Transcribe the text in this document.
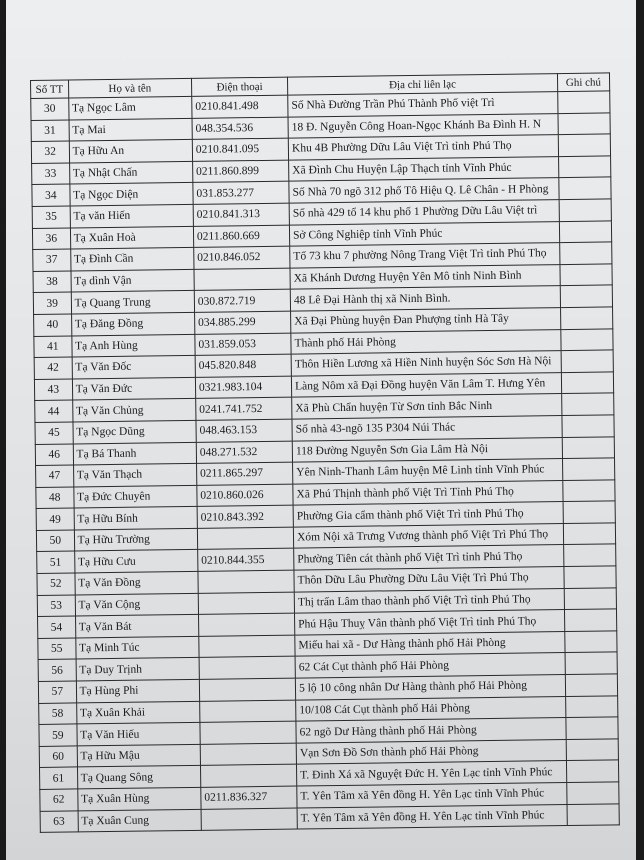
Số TT	Họ và tên	Điện thoại	Địa chỉ liên lạc	Ghi chú
30	Tạ Ngọc Lâm	0210.841.498	Số Nhà Đường Trần Phú Thành Phố việt Trì	
31	Tạ Mai	048.354.536	18 Đ. Nguyễn Công Hoan-Ngọc Khánh Ba Đình H. N	
32	Tạ Hữu An	0210.841.095	Khu 4B Phường Dữu Lâu Việt Trì tỉnh Phú Thọ	
33	Tạ Nhật Chấn	0211.860.899	Xã Đình Chu Huyện Lập Thạch tỉnh Vĩnh Phúc	
34	Tạ Ngọc Diện	031.853.277	Số Nhà 70 ngõ 312 phố Tô Hiệu Q. Lê Chân - H Phòng	
35	Tạ văn Hiến	0210.841.313	Số nhà 429 tổ 14 khu phố 1 Phường Dữu Lâu Việt trì	
36	Tạ Xuân Hoà	0211.860.669	Sở Công Nghiệp tỉnh Vĩnh Phúc	
37	Tạ Đình Cần	0210.846.052	Tổ 73 khu 7 phường Nông Trang Việt Trì tỉnh Phú Thọ	
38	Tạ dình Vận		Xã Khánh Dương Huyện Yên Mô tỉnh Ninh Bình	
39	Tạ Quang Trung	030.872.719	48 Lê Đại Hành thị xã Ninh Bình.	
40	Tạ Đăng Đồng	034.885.299	Xã Đại Phùng huyện Đan Phượng tỉnh Hà Tây	
41	Tạ Anh Hùng	031.859.053	Thành phố Hải Phòng	
42	Tạ Văn Đốc	045.820.848	Thôn Hiền Lương xã Hiền Ninh huyện Sóc Sơn Hà Nội	
43	Tạ Văn Đức	0321.983.104	Làng Nôm xã Đại Đồng huyện Văn Lâm T. Hưng Yên	
44	Tạ Văn Chủng	0241.741.752	Xã Phù Chẩn huyện Từ Sơn tỉnh Bắc Ninh	
45	Tạ Ngọc Dũng	048.463.153	Số nhà 43-ngõ 135 P304 Núi Thác	
46	Tạ Bá Thanh	048.271.532	118 Đường Nguyễn Sơn Gia Lâm Hà Nội	
47	Tạ Văn Thạch	0211.865.297	Yên Ninh-Thanh Lâm huyện Mê Linh tỉnh Vĩnh Phúc	
48	Tạ Đức Chuyên	0210.860.026	Xã Phú Thịnh thành phố Việt Trì Tỉnh Phú Thọ	
49	Tạ Hữu Bính	0210.843.392	Phường Gia cẩm thành phố Việt Trì tỉnh Phú Thọ	
50	Tạ Hữu Trường		Xóm Nội xã Trưng Vương thành phố Việt Trì Phú Thọ	
51	Tạ Hữu Cưu	0210.844.355	Phường Tiên cát thành phố Việt Trì tỉnh Phú Thọ	
52	Tạ Văn Đồng		Thôn Dữu Lâu Phường Dữu Lâu Việt Trì Phú Thọ	
53	Tạ Văn Cộng		Thị trấn Lâm thao thành phố Việt Trì tỉnh Phú Thọ	
54	Tạ Văn Bát		Phú Hậu Thuỵ Vân thành phố Việt Trì tỉnh Phú Thọ	
55	Tạ Minh Túc		Miếu hai xã - Dư Hàng thành phố Hải Phòng	
56	Tạ Duy Trịnh		62 Cát Cụt thành phố Hải Phòng	
57	Tạ Hùng Phi		5 lộ 10 công nhân Dư Hàng thành phố Hải Phòng	
58	Tạ Xuân Khải		10/108 Cát Cụt thành phố Hải Phòng	
59	Tạ Văn Hiếu		62 ngõ Dư Hàng thành phố Hải Phòng	
60	Tạ Hữu Mậu		Vạn Sơn Đồ Sơn thành phố Hải Phòng	
61	Tạ Quang Sông		T. Đinh Xá xã Nguyệt Đức H. Yên Lạc tỉnh Vĩnh Phúc	
62	Tạ Xuân Hùng	0211.836.327	T. Yên Tâm xã Yên đồng H. Yên Lạc tỉnh Vĩnh Phúc	
63	Tạ Xuân Cung		T. Yên Tâm xã Yên đồng H. Yên Lạc tỉnh Vĩnh Phúc	
